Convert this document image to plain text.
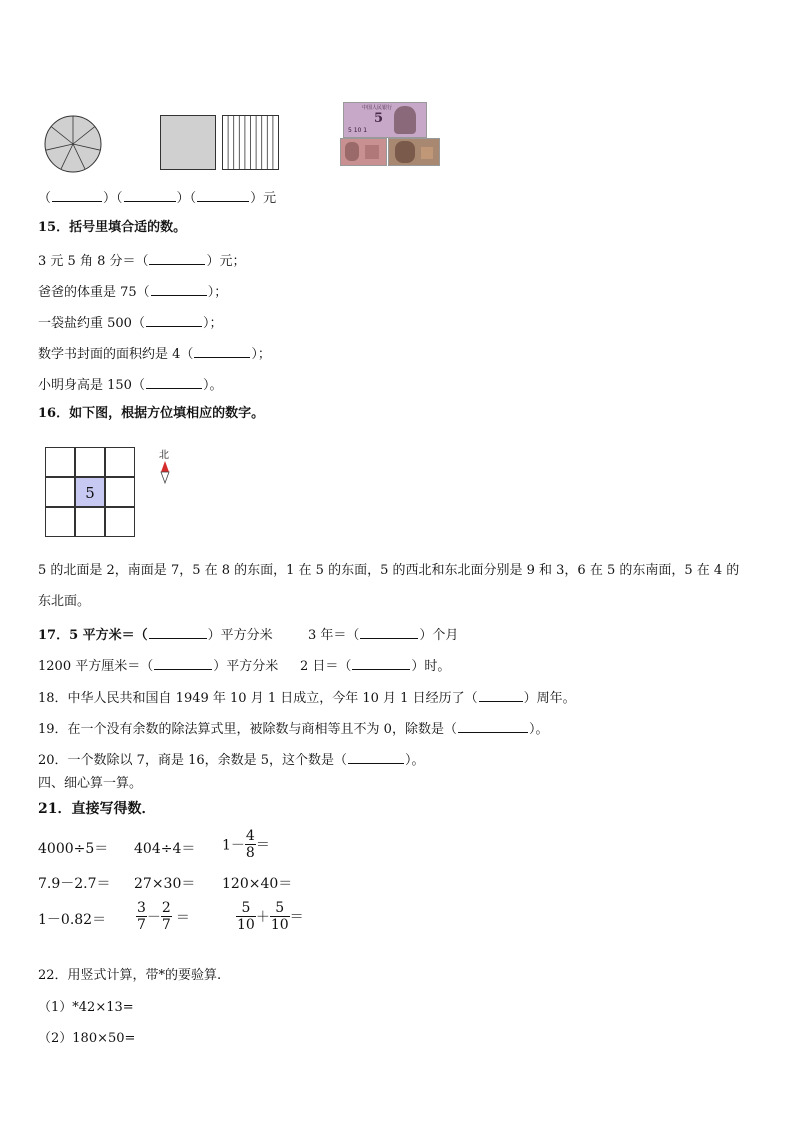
中国人民银行
5
5 10 1
（	）（	）（	）元
15．括号里填合适的数。
3 元 5 角 8 分＝（	）元；
爸爸的体重是 75（	）；
一袋盐约重 500（	）；
数学书封面的面积约是 4（	）；
小明身高是 150（	）。
16．如下图，根据方位填相应的数字。
5
北
5 的北面是 2，南面是 7，5 在 8 的东面，1 在 5 的东面，5 的西北和东北面分别是 9 和 3，6 在 5 的东南面，5 在 4 的
东北面。
17．5 平方米＝（	）平方分米	3 年＝（	）个月
1200 平方厘米＝（	）平方分米 2 日＝（	）时。
18．中华人民共和国自 1949 年 10 月 1 日成立，今年 10 月 1 日经历了（	）周年。
19．在一个没有余数的除法算式里，被除数与商相等且不为 0，除数是（	）。
20．一个数除以 7，商是 16，余数是 5，这个数是（	）。
四、细心算一算。
21．直接写得数．
$4000\div 5= 404\div 4= 1- \frac{4}{8}$ ＝
7.9－2.7＝ 27×30＝ 120×40＝
$1-0.82= \frac{3}{7} - \frac{2}{7}$ ＝	$\frac{5}{10} + \frac{5}{10}$ ＝
22．用竖式计算，带*的要验算.
（1）*42×13=
（2）180×50=
